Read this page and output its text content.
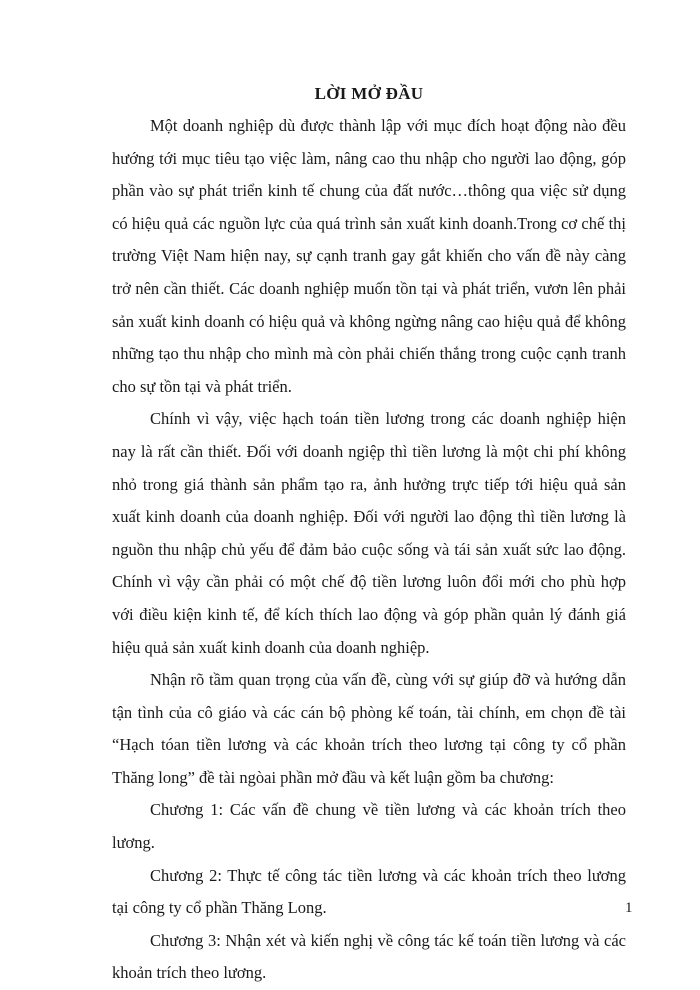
LỜI MỞ ĐẦU

Một doanh nghiệp dù được thành lập với mục đích hoạt động nào đều hướng tới mục tiêu tạo việc làm, nâng cao thu nhập cho người lao động, góp phần vào sự phát triển kinh tế chung của đất nước…thông qua việc sử dụng có hiệu quả các nguồn lực của quá trình sản xuất kinh doanh.Trong cơ chế thị trường Việt Nam hiện nay, sự cạnh tranh gay gắt khiến cho vấn đề này càng trở nên cần thiết. Các doanh nghiệp muốn tồn tại và phát triển, vươn lên phải sản xuất kinh doanh có hiệu quả và không ngừng nâng cao hiệu quả để không những tạo thu nhập cho mình mà còn phải chiến thắng trong cuộc cạnh tranh cho sự tồn tại và phát triển.

Chính vì vậy, việc hạch toán tiền lương trong các doanh nghiệp hiện nay là rất cần thiết. Đối với doanh ngiệp thì tiền lương là một chi phí không nhỏ trong giá thành sản phẩm tạo ra, ảnh hưởng trực tiếp tới hiệu quả sản xuất kinh doanh của doanh nghiệp. Đối với người lao động thì tiền lương là nguồn thu nhập chủ yếu để đảm bảo cuộc sống và tái sản xuất sức lao động. Chính vì vậy cần phải có một chế độ tiền lương luôn đổi mới cho phù hợp với điều kiện kinh tế, để kích thích lao động và góp phần quản lý đánh giá hiệu quả sản xuất kinh doanh của doanh nghiệp.

Nhận rõ tầm quan trọng của vấn đề, cùng với sự giúp đỡ và hướng dẫn tận tình của cô giáo và các cán bộ phòng kế toán, tài chính, em chọn đề tài “Hạch tóan tiền lương và các khoản trích theo lương tại công ty cổ phần Thăng long” đề tài ngòai phần mở đầu và kết luận gồm ba chương:

Chương 1: Các vấn đề chung về tiền lương và các khoản trích theo lương.

Chương 2: Thực tế công tác tiền lương và các khoản trích theo lương tại công ty cổ phần Thăng Long.

Chương 3: Nhận xét và kiến nghị về công tác kế toán tiền lương và các khoản trích theo lương.

1
